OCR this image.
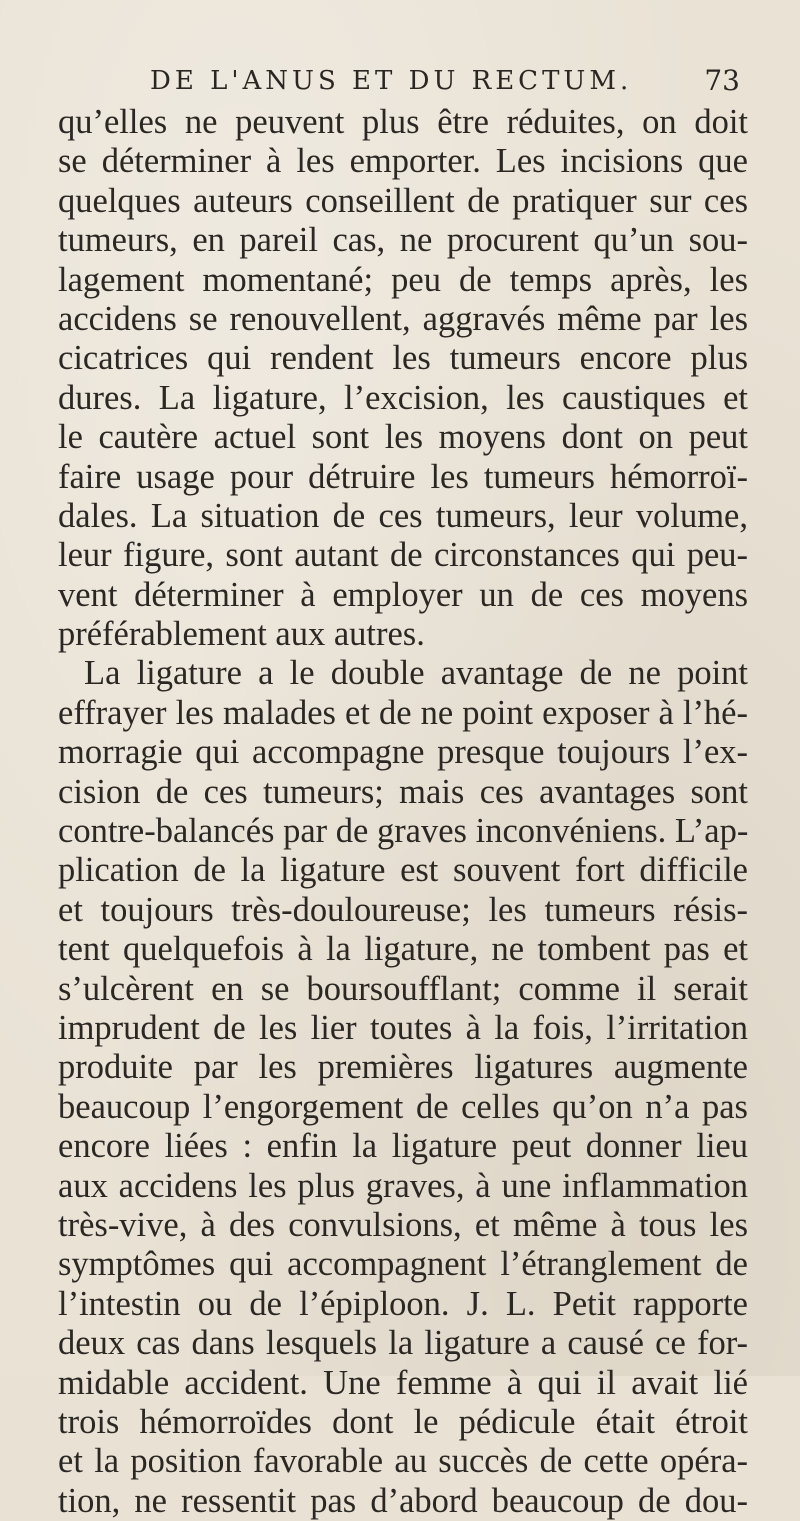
DE L'ANUS ET DU RECTUM.	73
qu’elles ne peuvent plus être réduites, on doit
se déterminer à les emporter. Les incisions que
quelques auteurs conseillent de pratiquer sur ces
tumeurs, en pareil cas, ne procurent qu’un sou-
lagement momentané; peu de temps après, les
accidens se renouvellent, aggravés même par les
cicatrices qui rendent les tumeurs encore plus
dures. La ligature, l’excision, les caustiques et
le cautère actuel sont les moyens dont on peut
faire usage pour détruire les tumeurs hémorroï-
dales. La situation de ces tumeurs, leur volume,
leur figure, sont autant de circonstances qui peu-
vent déterminer à employer un de ces moyens
préférablement aux autres.
La ligature a le double avantage de ne point
effrayer les malades et de ne point exposer à l’hé-
morragie qui accompagne presque toujours l’ex-
cision de ces tumeurs; mais ces avantages sont
contre-balancés par de graves inconvéniens. L’ap-
plication de la ligature est souvent fort difficile
et toujours très-douloureuse; les tumeurs résis-
tent quelquefois à la ligature, ne tombent pas et
s’ulcèrent en se boursoufflant; comme il serait
imprudent de les lier toutes à la fois, l’irritation
produite par les premières ligatures augmente
beaucoup l’engorgement de celles qu’on n’a pas
encore liées : enfin la ligature peut donner lieu
aux accidens les plus graves, à une inflammation
très-vive, à des convulsions, et même à tous les
symptômes qui accompagnent l’étranglement de
l’intestin ou de l’épiploon. J. L. Petit rapporte
deux cas dans lesquels la ligature a causé ce for-
midable accident. Une femme à qui il avait lié
trois hémorroïdes dont le pédicule était étroit
et la position favorable au succès de cette opéra-
tion, ne ressentit pas d’abord beaucoup de dou-
